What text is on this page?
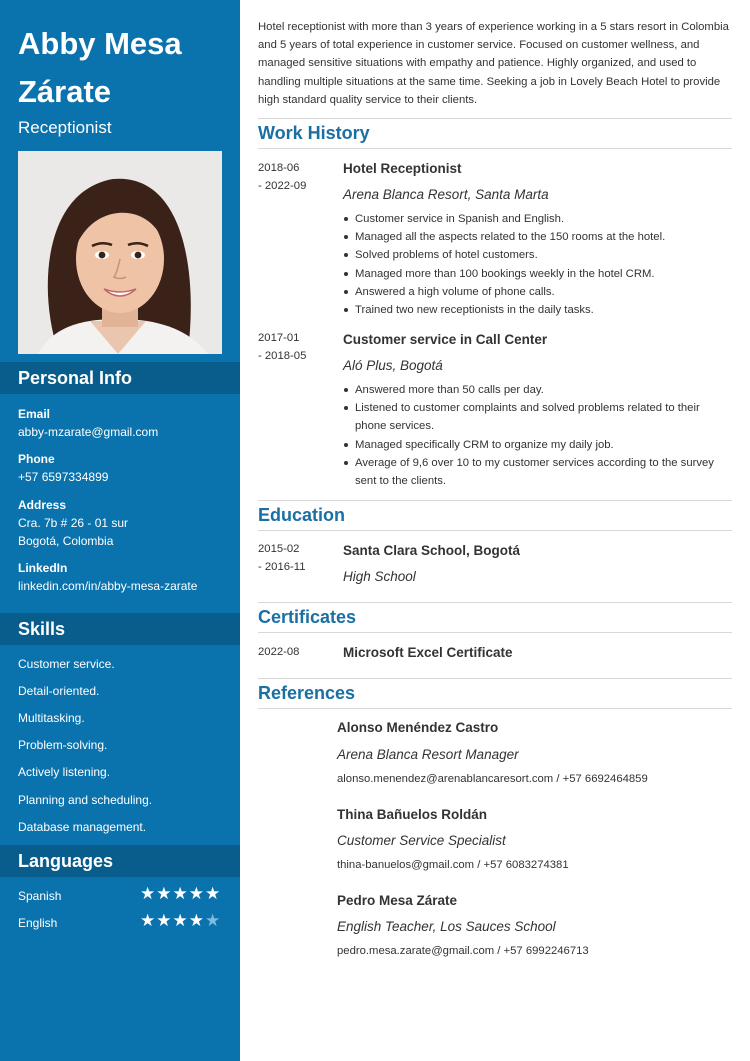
Abby Mesa Zárate
Receptionist
Personal Info
Email
abby-mzarate@gmail.com
Phone
+57 6597334899
Address
Cra. 7b # 26 - 01 sur
Bogotá, Colombia
LinkedIn
linkedin.com/in/abby-mesa-zarate
Skills
Customer service.
Detail-oriented.
Multitasking.
Problem-solving.
Actively listening.
Planning and scheduling.
Database management.
Languages
Spanish	★★★★★
English	★★★★★
Hotel receptionist with more than 3 years of experience working in a 5 stars resort in Colombia and 5 years of total experience in customer service. Focused on customer wellness, and managed sensitive situations with empathy and patience. Highly organized, and used to handling multiple situations at the same time. Seeking a job in Lovely Beach Hotel to provide high standard quality service to their clients.
Work History
2018-06
- 2022-09
Hotel Receptionist
Arena Blanca Resort, Santa Marta
Customer service in Spanish and English.
Managed all the aspects related to the 150 rooms at the hotel.
Solved problems of hotel customers.
Managed more than 100 bookings weekly in the hotel CRM.
Answered a high volume of phone calls.
Trained two new receptionists in the daily tasks.
2017-01
- 2018-05
Customer service in Call Center
Aló Plus, Bogotá
Answered more than 50 calls per day.
Listened to customer complaints and solved problems related to their phone services.
Managed specifically CRM to organize my daily job.
Average of 9,6 over 10 to my customer services according to the survey sent to the clients.
Education
2015-02
- 2016-11
Santa Clara School, Bogotá
High School
Certificates
2022-08	Microsoft Excel Certificate
References
Alonso Menéndez Castro
Arena Blanca Resort Manager
alonso.menendez@arenablancaresort.com / +57 6692464859
Thina Bañuelos Roldán
Customer Service Specialist
thina-banuelos@gmail.com / +57 6083274381
Pedro Mesa Zárate
English Teacher, Los Sauces School
pedro.mesa.zarate@gmail.com / +57 6992246713
